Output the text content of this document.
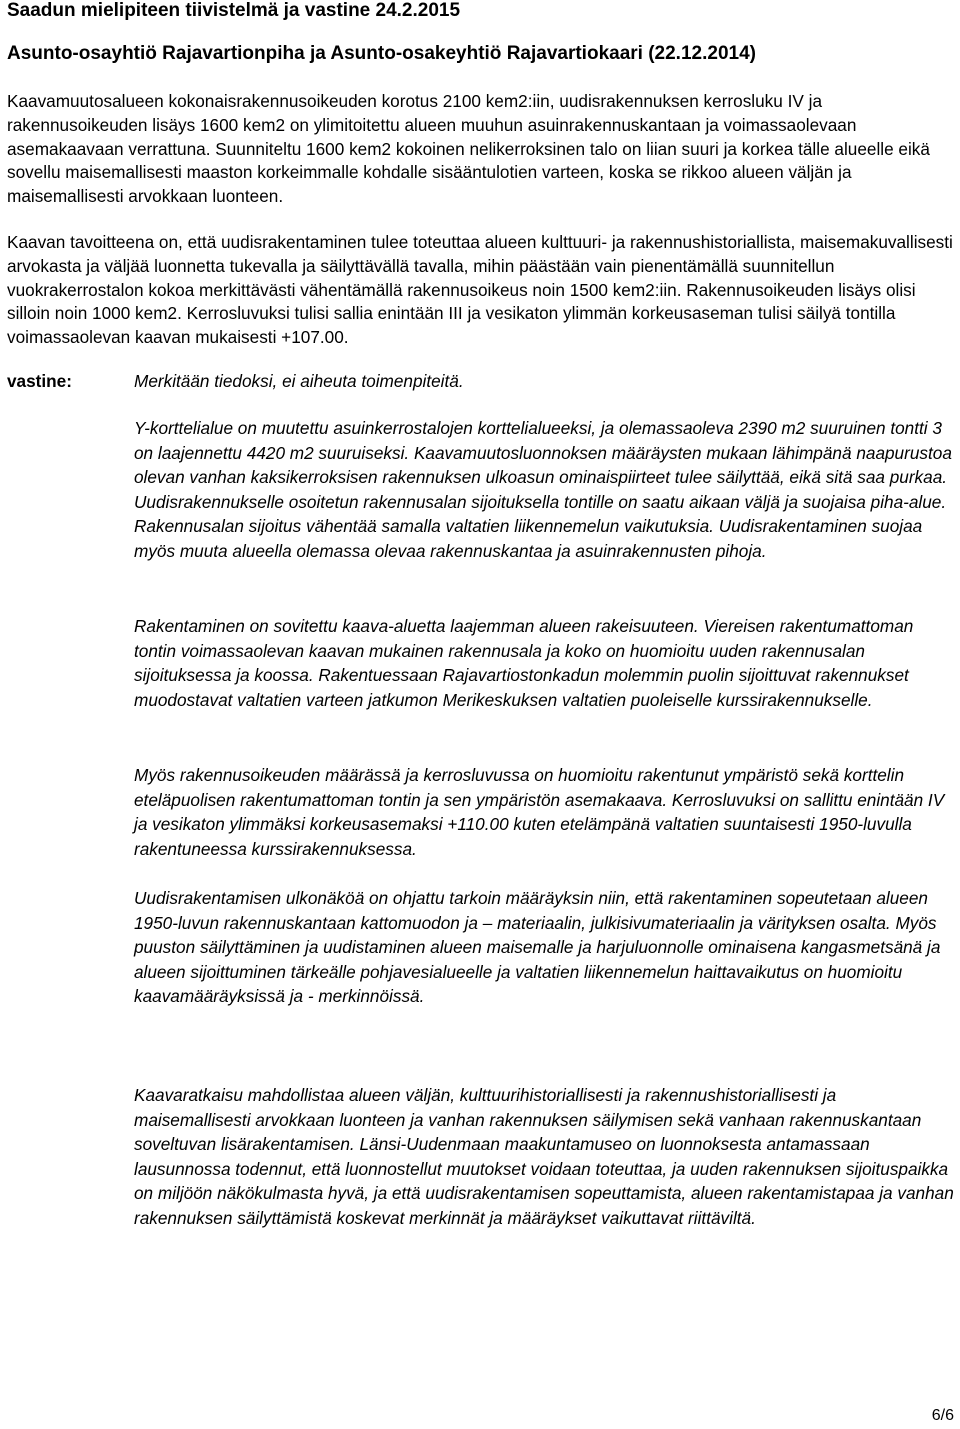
Saadun mielipiteen tiivistelmä ja vastine 24.2.2015
Asunto-osayhtiö Rajavartionpiha ja Asunto-osakeyhtiö Rajavartiokaari (22.12.2014)

Kaavamuutosalueen kokonaisrakennusoikeuden korotus 2100 kem2:iin, uudisrakennuksen kerrosluku IV ja rakennusoikeuden lisäys 1600 kem2 on ylimitoitettu alueen muuhun asuinrakennuskantaan ja voimassaolevaan asemakaavaan verrattuna. Suunniteltu 1600 kem2 kokoinen nelikerroksinen talo on liian suuri ja korkea tälle alueelle eikä sovellu maisemallisesti maaston korkeimmalle kohdalle sisääntulotien varteen, koska se rikkoo alueen väljän ja maisemallisesti arvokkaan luonteen.

Kaavan tavoitteena on, että uudisrakentaminen tulee toteuttaa alueen kulttuuri- ja rakennushistoriallista, maisemakuvallisesti arvokasta ja väljää luonnetta tukevalla ja säilyttävällä tavalla, mihin päästään vain pienentämällä suunnitellun vuokrakerrostalon kokoa merkittävästi vähentämällä rakennusoikeus noin 1500 kem2:iin. Rakennusoikeuden lisäys olisi silloin noin 1000 kem2. Kerrosluvuksi tulisi sallia enintään III ja vesikaton ylimmän korkeusaseman tulisi säilyä tontilla voimassaolevan kaavan mukaisesti +107.00.

vastine:	Merkitään tiedoksi, ei aiheuta toimenpiteitä.

Y-korttelialue on muutettu asuinkerrostalojen korttelialueeksi, ja olemassaoleva 2390 m2 suuruinen tontti 3 on laajennettu 4420 m2 suuruiseksi. Kaavamuutosluonnoksen määräysten mukaan lähimpänä naapurustoa olevan vanhan kaksikerroksisen rakennuksen ulkoasun ominaispiirteet tulee säilyttää, eikä sitä saa purkaa. Uudisrakennukselle osoitetun rakennusalan sijoituksella tontille on saatu aikaan väljä ja suojaisa piha-alue. Rakennusalan sijoitus vähentää samalla valtatien liikennemelun vaikutuksia. Uudisrakentaminen suojaa myös muuta alueella olemassa olevaa rakennuskantaa ja asuinrakennusten pihoja.

Rakentaminen on sovitettu kaava-aluetta laajemman alueen rakeisuuteen. Viereisen rakentumattoman tontin voimassaolevan kaavan mukainen rakennusala ja koko on huomioitu uuden rakennusalan sijoituksessa ja koossa. Rakentuessaan Rajavartiostonkadun molemmin puolin sijoittuvat rakennukset muodostavat valtatien varteen jatkumon Merikeskuksen valtatien puoleiselle kurssirakennukselle.

Myös rakennusoikeuden määrässä ja kerrosluvussa on huomioitu rakentunut ympäristö sekä korttelin eteläpuolisen rakentumattoman tontin ja sen ympäristön asemakaava. Kerrosluvuksi on sallittu enintään IV ja vesikaton ylimmäksi korkeusasemaksi +110.00 kuten etelämpänä valtatien suuntaisesti 1950-luvulla rakentuneessa kurssirakennuksessa.

Uudisrakentamisen ulkonäköä on ohjattu tarkoin määräyksin niin, että rakentaminen sopeutetaan alueen 1950-luvun rakennuskantaan kattomuodon ja – materiaalin, julkisivumateriaalin ja värityksen osalta. Myös puuston säilyttäminen ja uudistaminen alueen maisemalle ja harjuluonnolle ominaisena kangasmetsänä ja alueen sijoittuminen tärkeälle pohjavesialueelle ja valtatien liikennemelun haittavaikutus on huomioitu kaavamääräyksissä ja - merkinnöissä.

Kaavaratkaisu mahdollistaa alueen väljän, kulttuurihistoriallisesti ja rakennushistoriallisesti ja maisemallisesti arvokkaan luonteen ja vanhan rakennuksen säilymisen sekä vanhaan rakennuskantaan soveltuvan lisärakentamisen. Länsi-Uudenmaan maakuntamuseo on luonnoksesta antamassaan lausunnossa todennut, että luonnostellut muutokset voidaan toteuttaa, ja uuden rakennuksen sijoituspaikka on miljöön näkökulmasta hyvä, ja että uudisrakentamisen sopeuttamista, alueen rakentamistapaa ja vanhan rakennuksen säilyttämistä koskevat merkinnät ja määräykset vaikuttavat riittäviltä.

6/6
